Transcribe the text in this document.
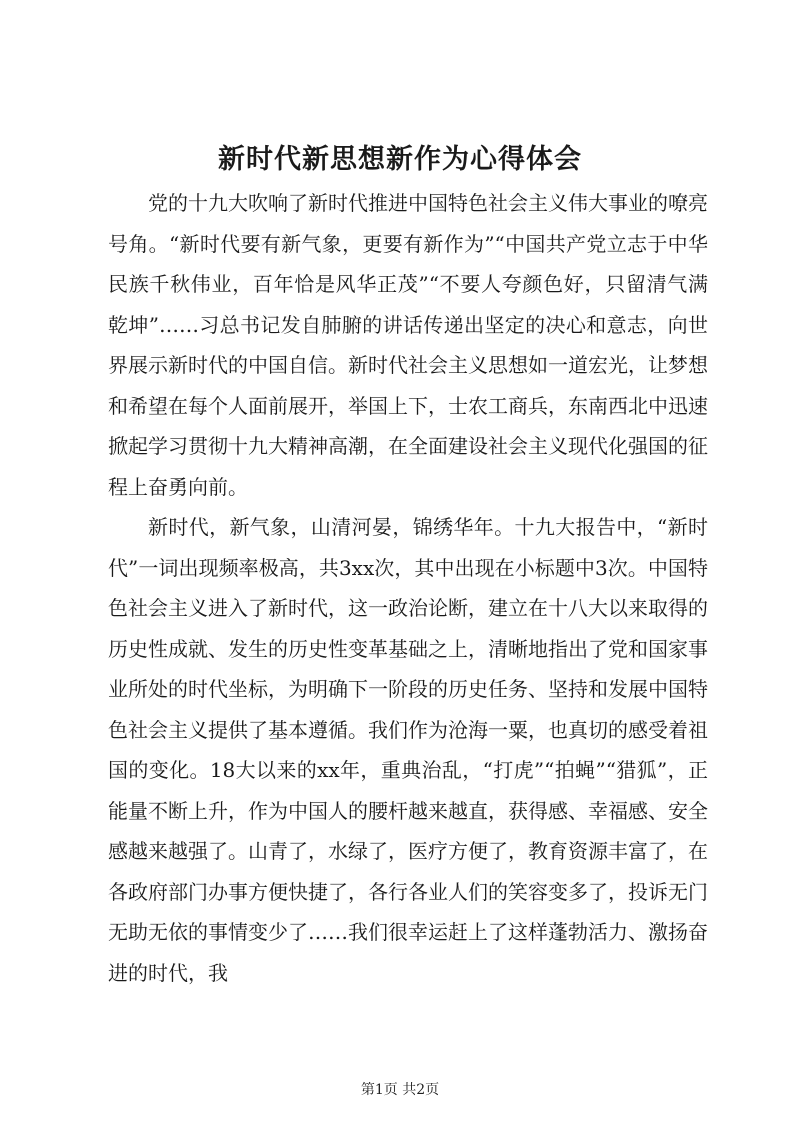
新时代新思想新作为心得体会

党的十九大吹响了新时代推进中国特色社会主义伟大事业的嘹亮号角。“新时代要有新气象，更要有新作为”“中国共产党立志于中华民族千秋伟业，百年恰是风华正茂”“不要人夸颜色好，只留清气满乾坤”……习总书记发自肺腑的讲话传递出坚定的决心和意志，向世界展示新时代的中国自信。新时代社会主义思想如一道宏光，让梦想和希望在每个人面前展开，举国上下，士农工商兵，东南西北中迅速掀起学习贯彻十九大精神高潮，在全面建设社会主义现代化强国的征程上奋勇向前。

新时代，新气象，山清河晏，锦绣华年。十九大报告中，“新时代”一词出现频率极高，共3xx次，其中出现在小标题中3次。中国特色社会主义进入了新时代，这一政治论断，建立在十八大以来取得的历史性成就、发生的历史性变革基础之上，清晰地指出了党和国家事业所处的时代坐标，为明确下一阶段的历史任务、坚持和发展中国特色社会主义提供了基本遵循。我们作为沧海一粟，也真切的感受着祖国的变化。18大以来的xx年，重典治乱，“打虎”“拍蝇”“猎狐”，正能量不断上升，作为中国人的腰杆越来越直，获得感、幸福感、安全感越来越强了。山青了，水绿了，医疗方便了，教育资源丰富了，在各政府部门办事方便快捷了，各行各业人们的笑容变多了，投诉无门无助无依的事情变少了……我们很幸运赶上了这样蓬勃活力、激扬奋进的时代，我

第1页 共2页
